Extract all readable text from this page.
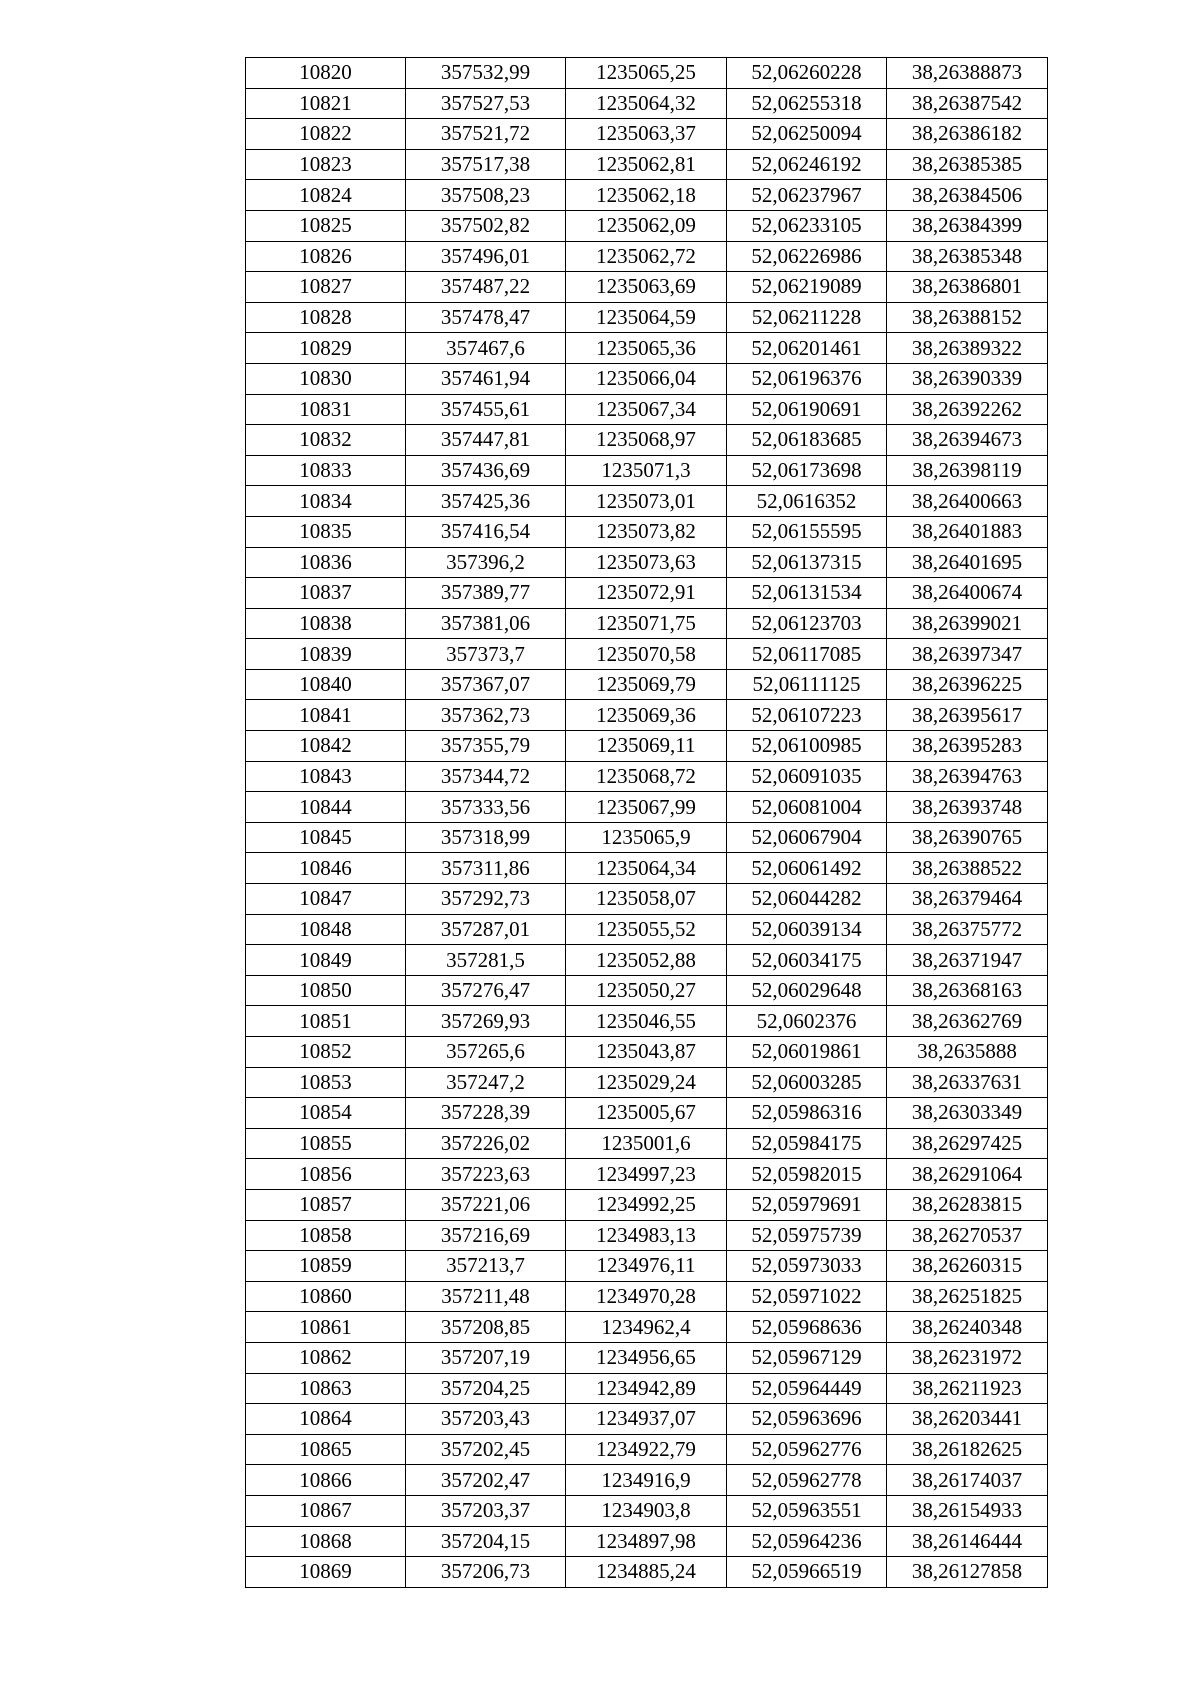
10820	357532,99	1235065,25	52,06260228	38,26388873
10821	357527,53	1235064,32	52,06255318	38,26387542
10822	357521,72	1235063,37	52,06250094	38,26386182
10823	357517,38	1235062,81	52,06246192	38,26385385
10824	357508,23	1235062,18	52,06237967	38,26384506
10825	357502,82	1235062,09	52,06233105	38,26384399
10826	357496,01	1235062,72	52,06226986	38,26385348
10827	357487,22	1235063,69	52,06219089	38,26386801
10828	357478,47	1235064,59	52,06211228	38,26388152
10829	357467,6	1235065,36	52,06201461	38,26389322
10830	357461,94	1235066,04	52,06196376	38,26390339
10831	357455,61	1235067,34	52,06190691	38,26392262
10832	357447,81	1235068,97	52,06183685	38,26394673
10833	357436,69	1235071,3	52,06173698	38,26398119
10834	357425,36	1235073,01	52,0616352	38,26400663
10835	357416,54	1235073,82	52,06155595	38,26401883
10836	357396,2	1235073,63	52,06137315	38,26401695
10837	357389,77	1235072,91	52,06131534	38,26400674
10838	357381,06	1235071,75	52,06123703	38,26399021
10839	357373,7	1235070,58	52,06117085	38,26397347
10840	357367,07	1235069,79	52,06111125	38,26396225
10841	357362,73	1235069,36	52,06107223	38,26395617
10842	357355,79	1235069,11	52,06100985	38,26395283
10843	357344,72	1235068,72	52,06091035	38,26394763
10844	357333,56	1235067,99	52,06081004	38,26393748
10845	357318,99	1235065,9	52,06067904	38,26390765
10846	357311,86	1235064,34	52,06061492	38,26388522
10847	357292,73	1235058,07	52,06044282	38,26379464
10848	357287,01	1235055,52	52,06039134	38,26375772
10849	357281,5	1235052,88	52,06034175	38,26371947
10850	357276,47	1235050,27	52,06029648	38,26368163
10851	357269,93	1235046,55	52,0602376	38,26362769
10852	357265,6	1235043,87	52,06019861	38,2635888
10853	357247,2	1235029,24	52,06003285	38,26337631
10854	357228,39	1235005,67	52,05986316	38,26303349
10855	357226,02	1235001,6	52,05984175	38,26297425
10856	357223,63	1234997,23	52,05982015	38,26291064
10857	357221,06	1234992,25	52,05979691	38,26283815
10858	357216,69	1234983,13	52,05975739	38,26270537
10859	357213,7	1234976,11	52,05973033	38,26260315
10860	357211,48	1234970,28	52,05971022	38,26251825
10861	357208,85	1234962,4	52,05968636	38,26240348
10862	357207,19	1234956,65	52,05967129	38,26231972
10863	357204,25	1234942,89	52,05964449	38,26211923
10864	357203,43	1234937,07	52,05963696	38,26203441
10865	357202,45	1234922,79	52,05962776	38,26182625
10866	357202,47	1234916,9	52,05962778	38,26174037
10867	357203,37	1234903,8	52,05963551	38,26154933
10868	357204,15	1234897,98	52,05964236	38,26146444
10869	357206,73	1234885,24	52,05966519	38,26127858
